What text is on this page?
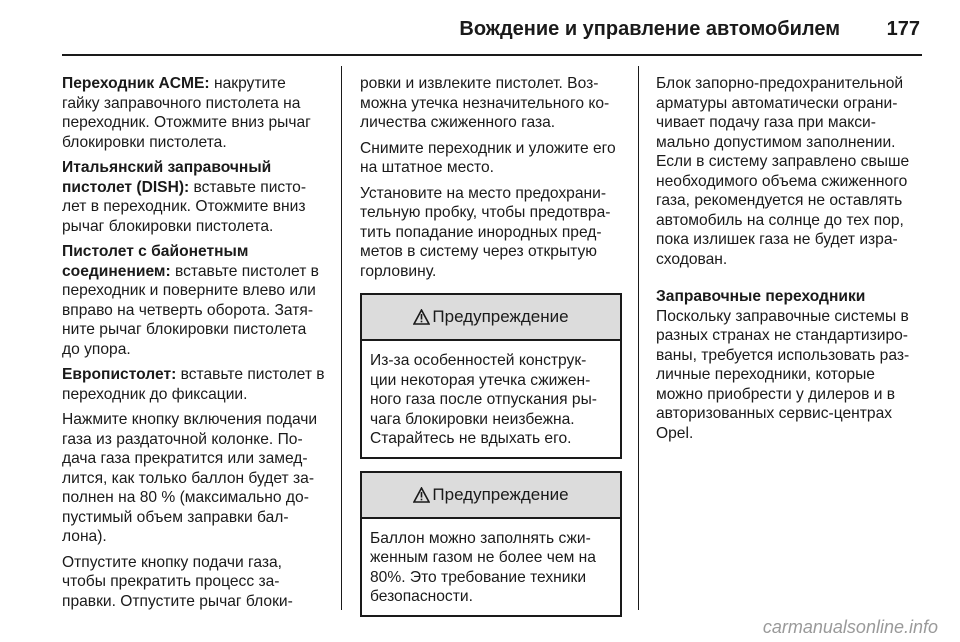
Вождение и управление автомобилем 177

Переходник ACME: накрутите
гайку заправочного пистолета на
переходник. Отожмите вниз рычаг
блокировки пистолета.

Итальянский заправочный
пистолет (DISH): вставьте писто-
лет в переходник. Отожмите вниз
рычаг блокировки пистолета.

Пистолет с байонетным
соединением: вставьте пистолет в
переходник и поверните влево или
вправо на четверть оборота. Затя-
ните рычаг блокировки пистолета
до упора.

Европистолет: вставьте пистолет в
переходник до фиксации.

Нажмите кнопку включения подачи
газа из раздаточной колонке. По-
дача газа прекратится или замед-
лится, как только баллон будет за-
полнен на 80 % (максимально до-
пустимый объем заправки бал-
лона).

Отпустите кнопку подачи газа,
чтобы прекратить процесс за-
правки. Отпустите рычаг блоки-

ровки и извлеките пистолет. Воз-
можна утечка незначительного ко-
личества сжиженного газа.

Снимите переходник и уложите его
на штатное место.

Установите на место предохрани-
тельную пробку, чтобы предотвра-
тить попадание инородных пред-
метов в систему через открытую
горловину.

Предупреждение
Из-за особенностей конструк-
ции некоторая утечка сжижен-
ного газа после отпускания ры-
чага блокировки неизбежна.
Старайтесь не вдыхать его.
Предупреждение
Баллон можно заполнять сжи-
женным газом не более чем на
80%. Это требование техники
безопасности.

Блок запорно-предохранительной
арматуры автоматически ограни-
чивает подачу газа при макси-
мально допустимом заполнении.
Если в систему заправлено свыше
необходимого объема сжиженного
газа, рекомендуется не оставлять
автомобиль на солнце до тех пор,
пока излишек газа не будет изра-
сходован.

Заправочные переходники
Поскольку заправочные системы в
разных странах не стандартизиро-
ваны, требуется использовать раз-
личные переходники, которые
можно приобрести у дилеров и в
авторизованных сервис-центрах
Opel.

carmanualsonline.info
